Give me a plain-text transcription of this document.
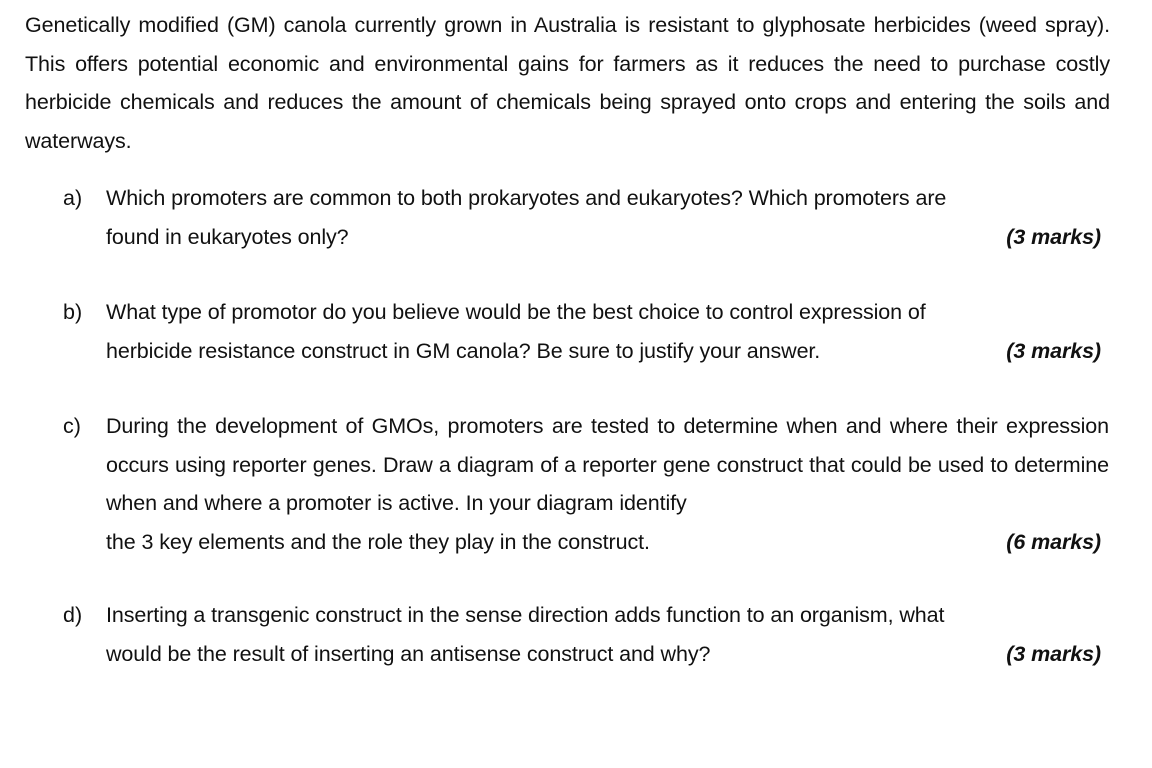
Genetically modified (GM) canola currently grown in Australia is resistant to glyphosate herbicides (weed spray). This offers potential economic and environmental gains for farmers as it reduces the need to purchase costly herbicide chemicals and reduces the amount of chemicals being sprayed onto crops and entering the soils and waterways.

a)	Which promoters are common to both prokaryotes and eukaryotes? Which promoters are
found in eukaryotes only?	(3 marks)
b)	What type of promotor do you believe would be the best choice to control expression of
herbicide resistance construct in GM canola? Be sure to justify your answer.	(3 marks)
c)	During the development of GMOs, promoters are tested to determine when and where their expression occurs using reporter genes. Draw a diagram of a reporter gene construct that could be used to determine when and where a promoter is active. In your diagram identify
the 3 key elements and the role they play in the construct.	(6 marks)
d)	Inserting a transgenic construct in the sense direction adds function to an organism, what
would be the result of inserting an antisense construct and why?	(3 marks)
